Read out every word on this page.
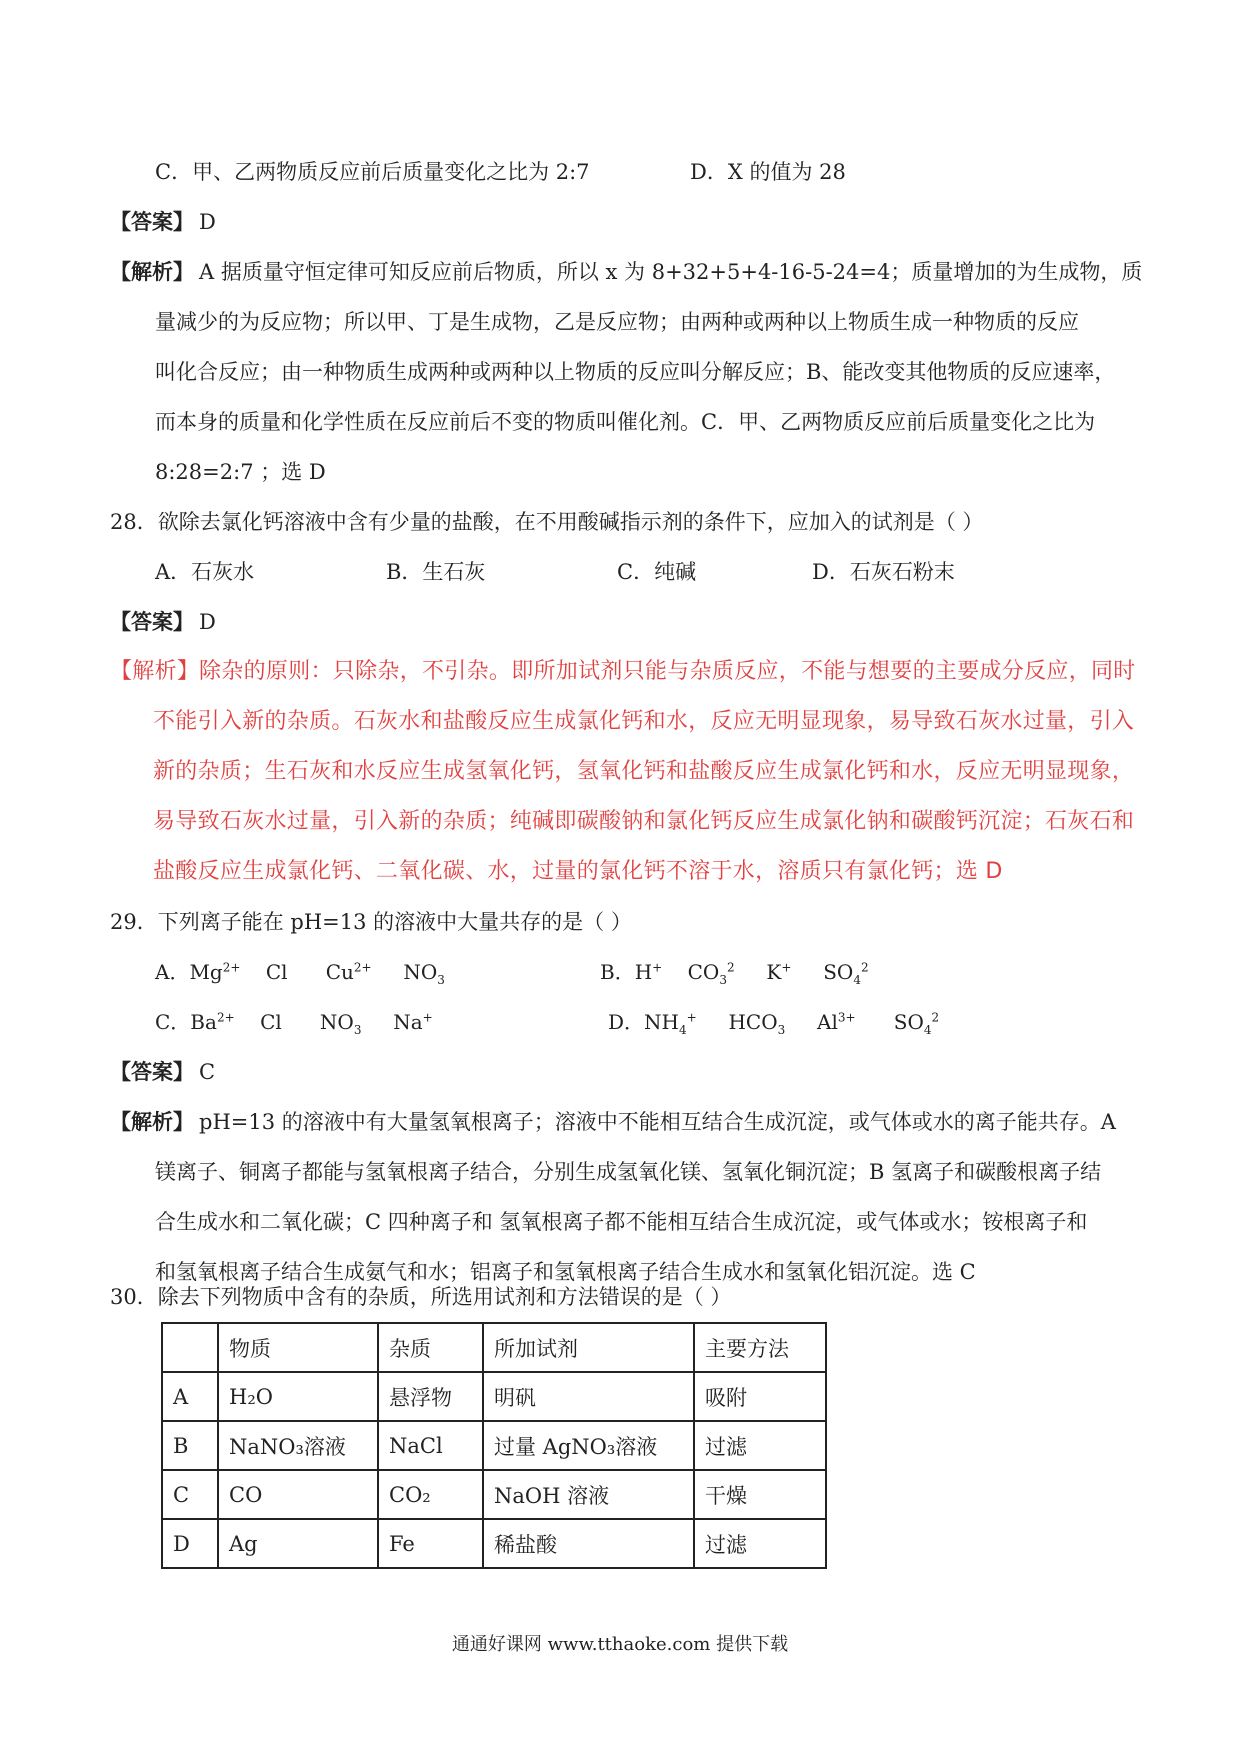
C．甲、乙两物质反应前后质量变化之比为 2:7	D．X 的值为 28
【答案】 D
【解析】 A 据质量守恒定律可知反应前后物质，所以 x 为 8+32+5+4-16-5-24=4；质量增加的为生成物，质
量减少的为反应物；所以甲、丁是生成物，乙是反应物；由两种或两种以上物质生成一种物质的反应
叫化合反应；由一种物质生成两种或两种以上物质的反应叫分解反应；B、能改变其他物质的反应速率，
而本身的质量和化学性质在反应前后不变的物质叫催化剂。C．甲、乙两物质反应前后质量变化之比为
8:28=2:7 ；选 D
28．欲除去氯化钙溶液中含有少量的盐酸，在不用酸碱指示剂的条件下，应加入的试剂是（ ）
A．石灰水	B．生石灰	C．纯碱	D．石灰石粉末
【答案】 D
【解析】 除杂的原则：只除杂，不引杂。即所加试剂只能与杂质反应，不能与想要的主要成分反应，同时
不能引入新的杂质。石灰水和盐酸反应生成氯化钙和水，反应无明显现象，易导致石灰水过量，引入
新的杂质；生石灰和水反应生成氢氧化钙，氢氧化钙和盐酸反应生成氯化钙和水，反应无明显现象，
易导致石灰水过量，引入新的杂质；纯碱即碳酸钠和氯化钙反应生成氯化钠和碳酸钙沉淀；石灰石和
盐酸反应生成氯化钙、二氧化碳、水，过量的氯化钙不溶于水，溶质只有氯化钙；选 D
29．下列离子能在 pH=13 的溶液中大量共存的是（ ）
A．$Mg^{2+}$    Cl      $Cu^{2+}$     $NO_3$	B．H+    $CO_3^2$     K+     $SO_4^2$
C．$Ba^{2+}$    Cl      $NO_3$     Na+	D．$NH_4^+$     $HCO_3$     $Al^{3+}$      $SO_4^2$
【答案】 C
【解析】 pH=13 的溶液中有大量氢氧根离子；溶液中不能相互结合生成沉淀，或气体或水的离子能共存。A
镁离子、铜离子都能与氢氧根离子结合，分别生成氢氧化镁、氢氧化铜沉淀；B 氢离子和碳酸根离子结
合生成水和二氧化碳；C 四种离子和 氢氧根离子都不能相互结合生成沉淀，或气体或水；铵根离子和
和氢氧根离子结合生成氨气和水；铝离子和氢氧根离子结合生成水和氢氧化铝沉淀。选 C
30．除去下列物质中含有的杂质，所选用试剂和方法错误的是（ ）
	物质	杂质	所加试剂	主要方法
A	H₂O	悬浮物	明矾	吸附
B	NaNO₃溶液	NaCl	过量 AgNO₃溶液	过滤
C	CO	CO₂	NaOH 溶液	干燥
D	Ag	Fe	稀盐酸	过滤
通通好课网 www.tthaoke.com 提供下载
